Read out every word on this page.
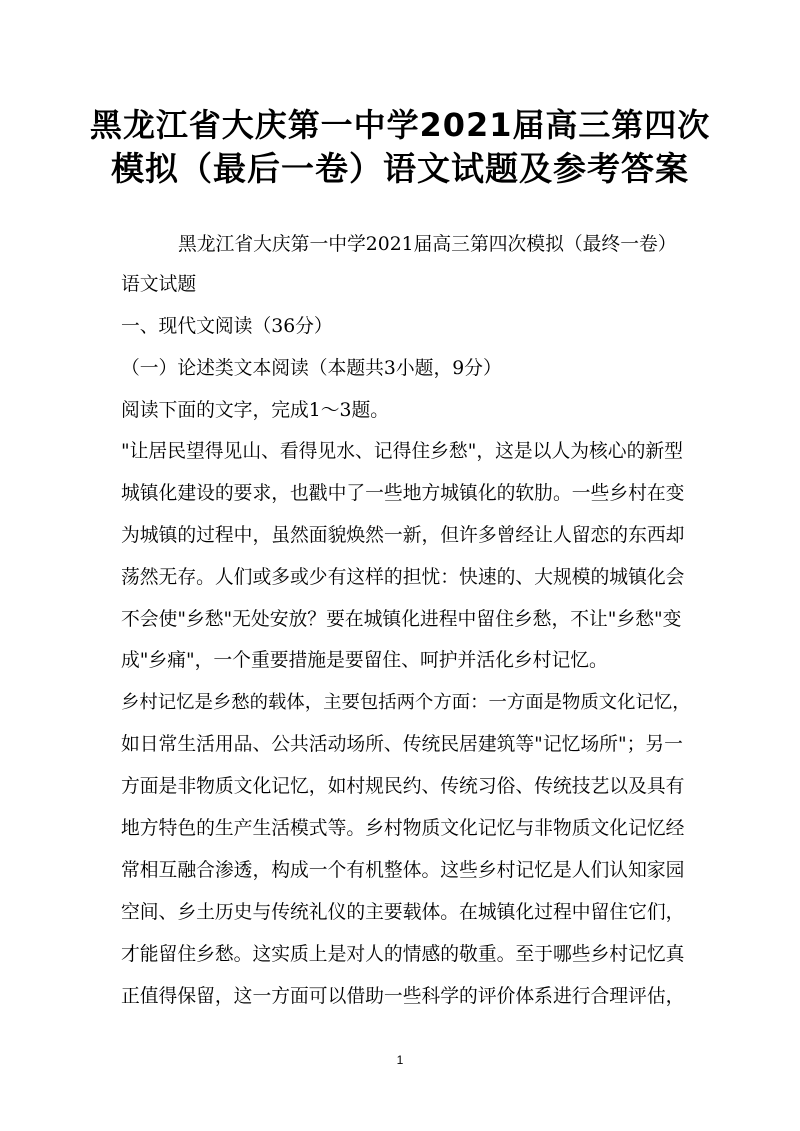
黑龙江省大庆第一中学2021届高三第四次
模拟（最后一卷）语文试题及参考答案
黑龙江省大庆第一中学2021届高三第四次模拟（最终一卷）
语文试题
一、现代文阅读（36分）
（一）论述类文本阅读（本题共3小题，9分）
阅读下面的文字，完成1～3题。
"让居民望得见山、看得见水、记得住乡愁"，这是以人为核心的新型
城镇化建设的要求，也戳中了一些地方城镇化的软肋。一些乡村在变
为城镇的过程中，虽然面貌焕然一新，但许多曾经让人留恋的东西却
荡然无存。人们或多或少有这样的担忧：快速的、大规模的城镇化会
不会使"乡愁"无处安放？要在城镇化进程中留住乡愁，不让"乡愁"变
成"乡痛"，一个重要措施是要留住、呵护并活化乡村记忆。
乡村记忆是乡愁的载体，主要包括两个方面：一方面是物质文化记忆，
如日常生活用品、公共活动场所、传统民居建筑等"记忆场所"；另一
方面是非物质文化记忆，如村规民约、传统习俗、传统技艺以及具有
地方特色的生产生活模式等。乡村物质文化记忆与非物质文化记忆经
常相互融合渗透，构成一个有机整体。这些乡村记忆是人们认知家园
空间、乡土历史与传统礼仪的主要载体。在城镇化过程中留住它们，
才能留住乡愁。这实质上是对人的情感的敬重。至于哪些乡村记忆真
正值得保留，这一方面可以借助一些科学的评价体系进行合理评估，
1
